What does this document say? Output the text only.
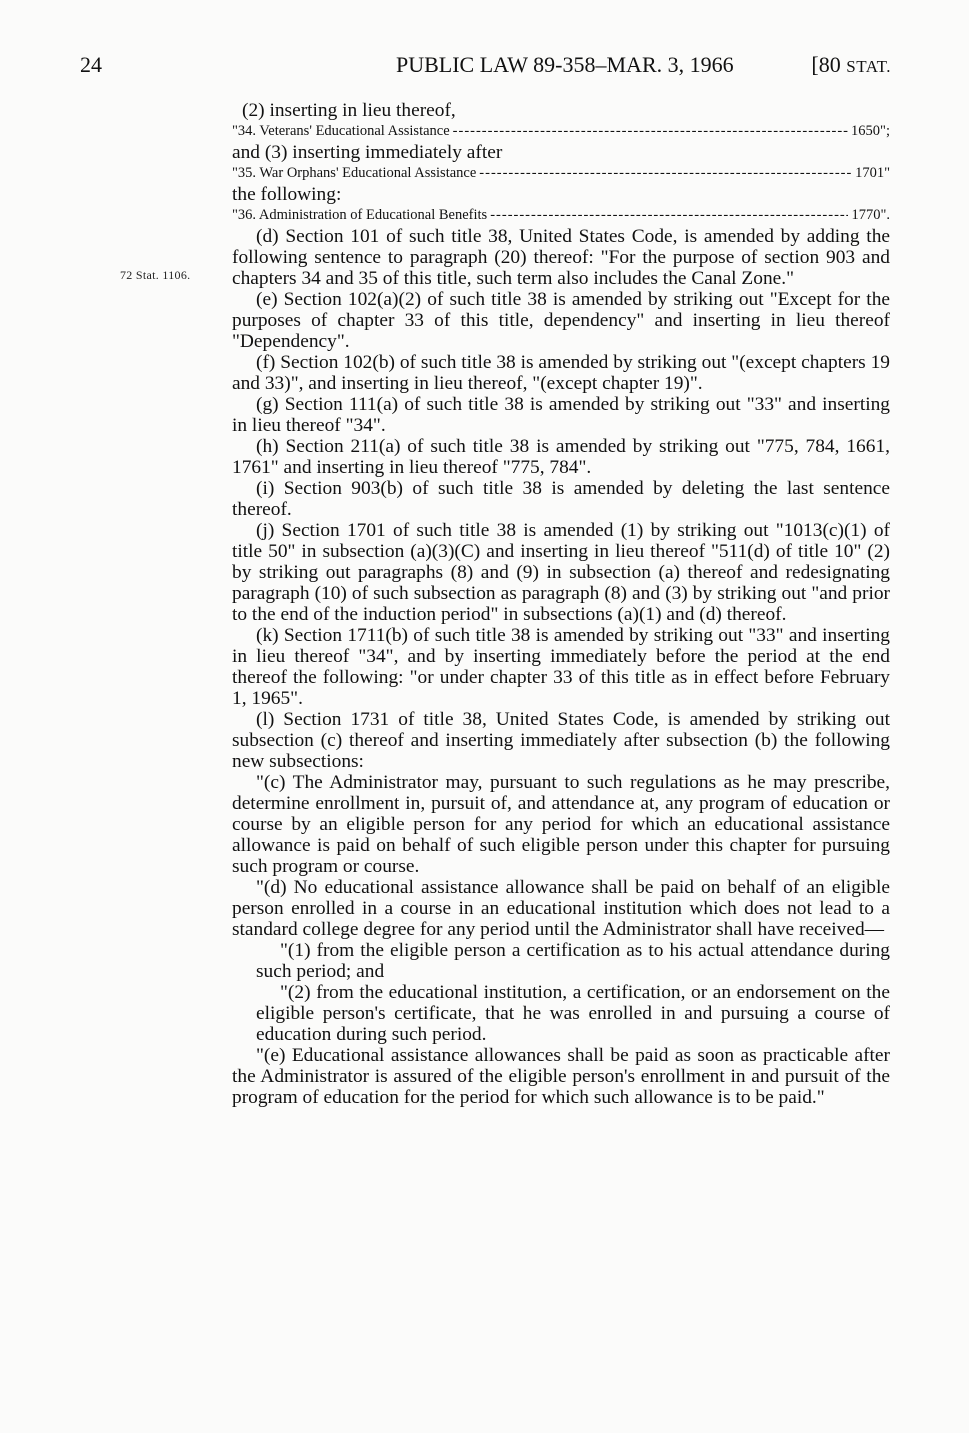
24	PUBLIC LAW 89-358–MAR. 3, 1966	[80 STAT.
72 Stat. 1106.

(2) inserting in lieu thereof,

"34. Veterans' Educational Assistance -----	1650";

and (3) inserting immediately after

"35. War Orphans' Educational Assistance -----	1701"

the following:

"36. Administration of Educational Benefits -----	1770".

(d) Section 101 of such title 38, United States Code, is amended by adding the following sentence to paragraph (20) thereof: "For the purpose of section 903 and chapters 34 and 35 of this title, such term also includes the Canal Zone."

(e) Section 102(a)(2) of such title 38 is amended by striking out "Except for the purposes of chapter 33 of this title, dependency" and inserting in lieu thereof "Dependency".

(f) Section 102(b) of such title 38 is amended by striking out "(except chapters 19 and 33)", and inserting in lieu thereof, "(except chapter 19)".

(g) Section 111(a) of such title 38 is amended by striking out "33" and inserting in lieu thereof "34".

(h) Section 211(a) of such title 38 is amended by striking out "775, 784, 1661, 1761" and inserting in lieu thereof "775, 784".

(i) Section 903(b) of such title 38 is amended by deleting the last sentence thereof.

(j) Section 1701 of such title 38 is amended (1) by striking out "1013(c)(1) of title 50" in subsection (a)(3)(C) and inserting in lieu thereof "511(d) of title 10" (2) by striking out paragraphs (8) and (9) in subsection (a) thereof and redesignating paragraph (10) of such subsection as paragraph (8) and (3) by striking out "and prior to the end of the induction period" in subsections (a)(1) and (d) thereof.

(k) Section 1711(b) of such title 38 is amended by striking out "33" and inserting in lieu thereof "34", and by inserting immediately before the period at the end thereof the following: "or under chapter 33 of this title as in effect before February 1, 1965".

(l) Section 1731 of title 38, United States Code, is amended by striking out subsection (c) thereof and inserting immediately after subsection (b) the following new subsections:

"(c) The Administrator may, pursuant to such regulations as he may prescribe, determine enrollment in, pursuit of, and attendance at, any program of education or course by an eligible person for any period for which an educational assistance allowance is paid on behalf of such eligible person under this chapter for pursuing such program or course.

"(d) No educational assistance allowance shall be paid on behalf of an eligible person enrolled in a course in an educational institution which does not lead to a standard college degree for any period until the Administrator shall have received—

"(1) from the eligible person a certification as to his actual attendance during such period; and

"(2) from the educational institution, a certification, or an endorsement on the eligible person's certificate, that he was enrolled in and pursuing a course of education during such period.

"(e) Educational assistance allowances shall be paid as soon as practicable after the Administrator is assured of the eligible person's enrollment in and pursuit of the program of education for the period for which such allowance is to be paid."
